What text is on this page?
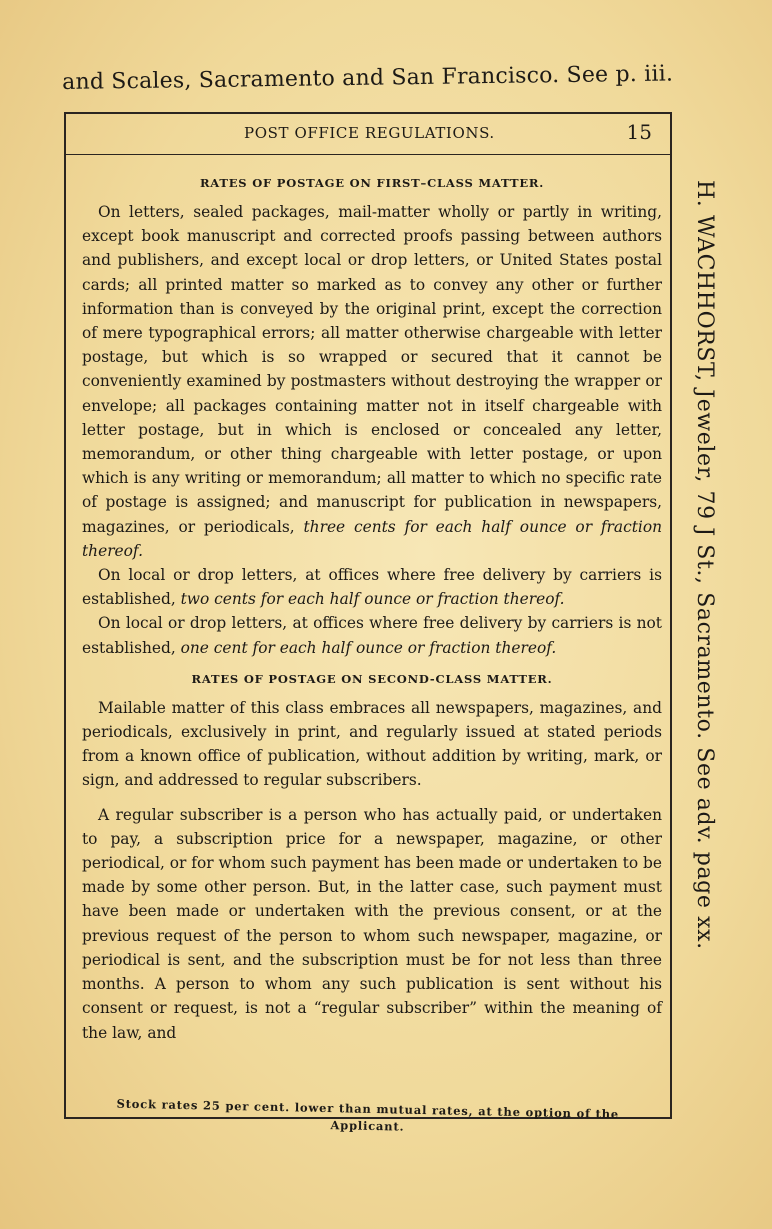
and Scales, Sacramento and San Francisco. See p. iii.
POST OFFICE REGULATIONS.	15
RATES OF POSTAGE ON FIRST–CLASS MATTER.

On letters, sealed packages, mail-matter wholly or partly in writing, except book manuscript and corrected proofs passing between authors and publishers, and except local or drop letters, or United States postal cards; all printed matter so marked as to convey any other or further information than is conveyed by the original print, except the correction of mere typographical errors; all matter otherwise chargeable with letter postage, but which is so wrapped or secured that it cannot be conveniently examined by postmasters without destroying the wrapper or envelope; all packages containing matter not in itself chargeable with letter postage, but in which is enclosed or concealed any letter, memorandum, or other thing chargeable with letter postage, or upon which is any writing or memorandum; all matter to which no specific rate of postage is assigned; and manuscript for publication in newspapers, magazines, or periodicals, three cents for each half ounce or fraction thereof.

On local or drop letters, at offices where free delivery by carriers is established, two cents for each half ounce or fraction thereof.

On local or drop letters, at offices where free delivery by carriers is not established, one cent for each half ounce or fraction thereof.

RATES OF POSTAGE ON SECOND-CLASS MATTER.

Mailable matter of this class embraces all newspapers, magazines, and periodicals, exclusively in print, and regularly issued at stated periods from a known office of publication, without addition by writing, mark, or sign, and addressed to regular subscribers.

A regular subscriber is a person who has actually paid, or undertaken to pay, a subscription price for a newspaper, magazine, or other periodical, or for whom such payment has been made or undertaken to be made by some other person. But, in the latter case, such payment must have been made or undertaken with the previous consent, or at the previous request of the person to whom such newspaper, magazine, or periodical is sent, and the subscription must be for not less than three months. A person to whom any such publication is sent without his consent or request, is not a “regular subscriber” within the meaning of the law, and

H. WACHHORST, Jeweler, 79 J St., Sacramento. See adv. page xx.
Stock rates 25 per cent. lower than mutual rates, at the option of the Applicant.
